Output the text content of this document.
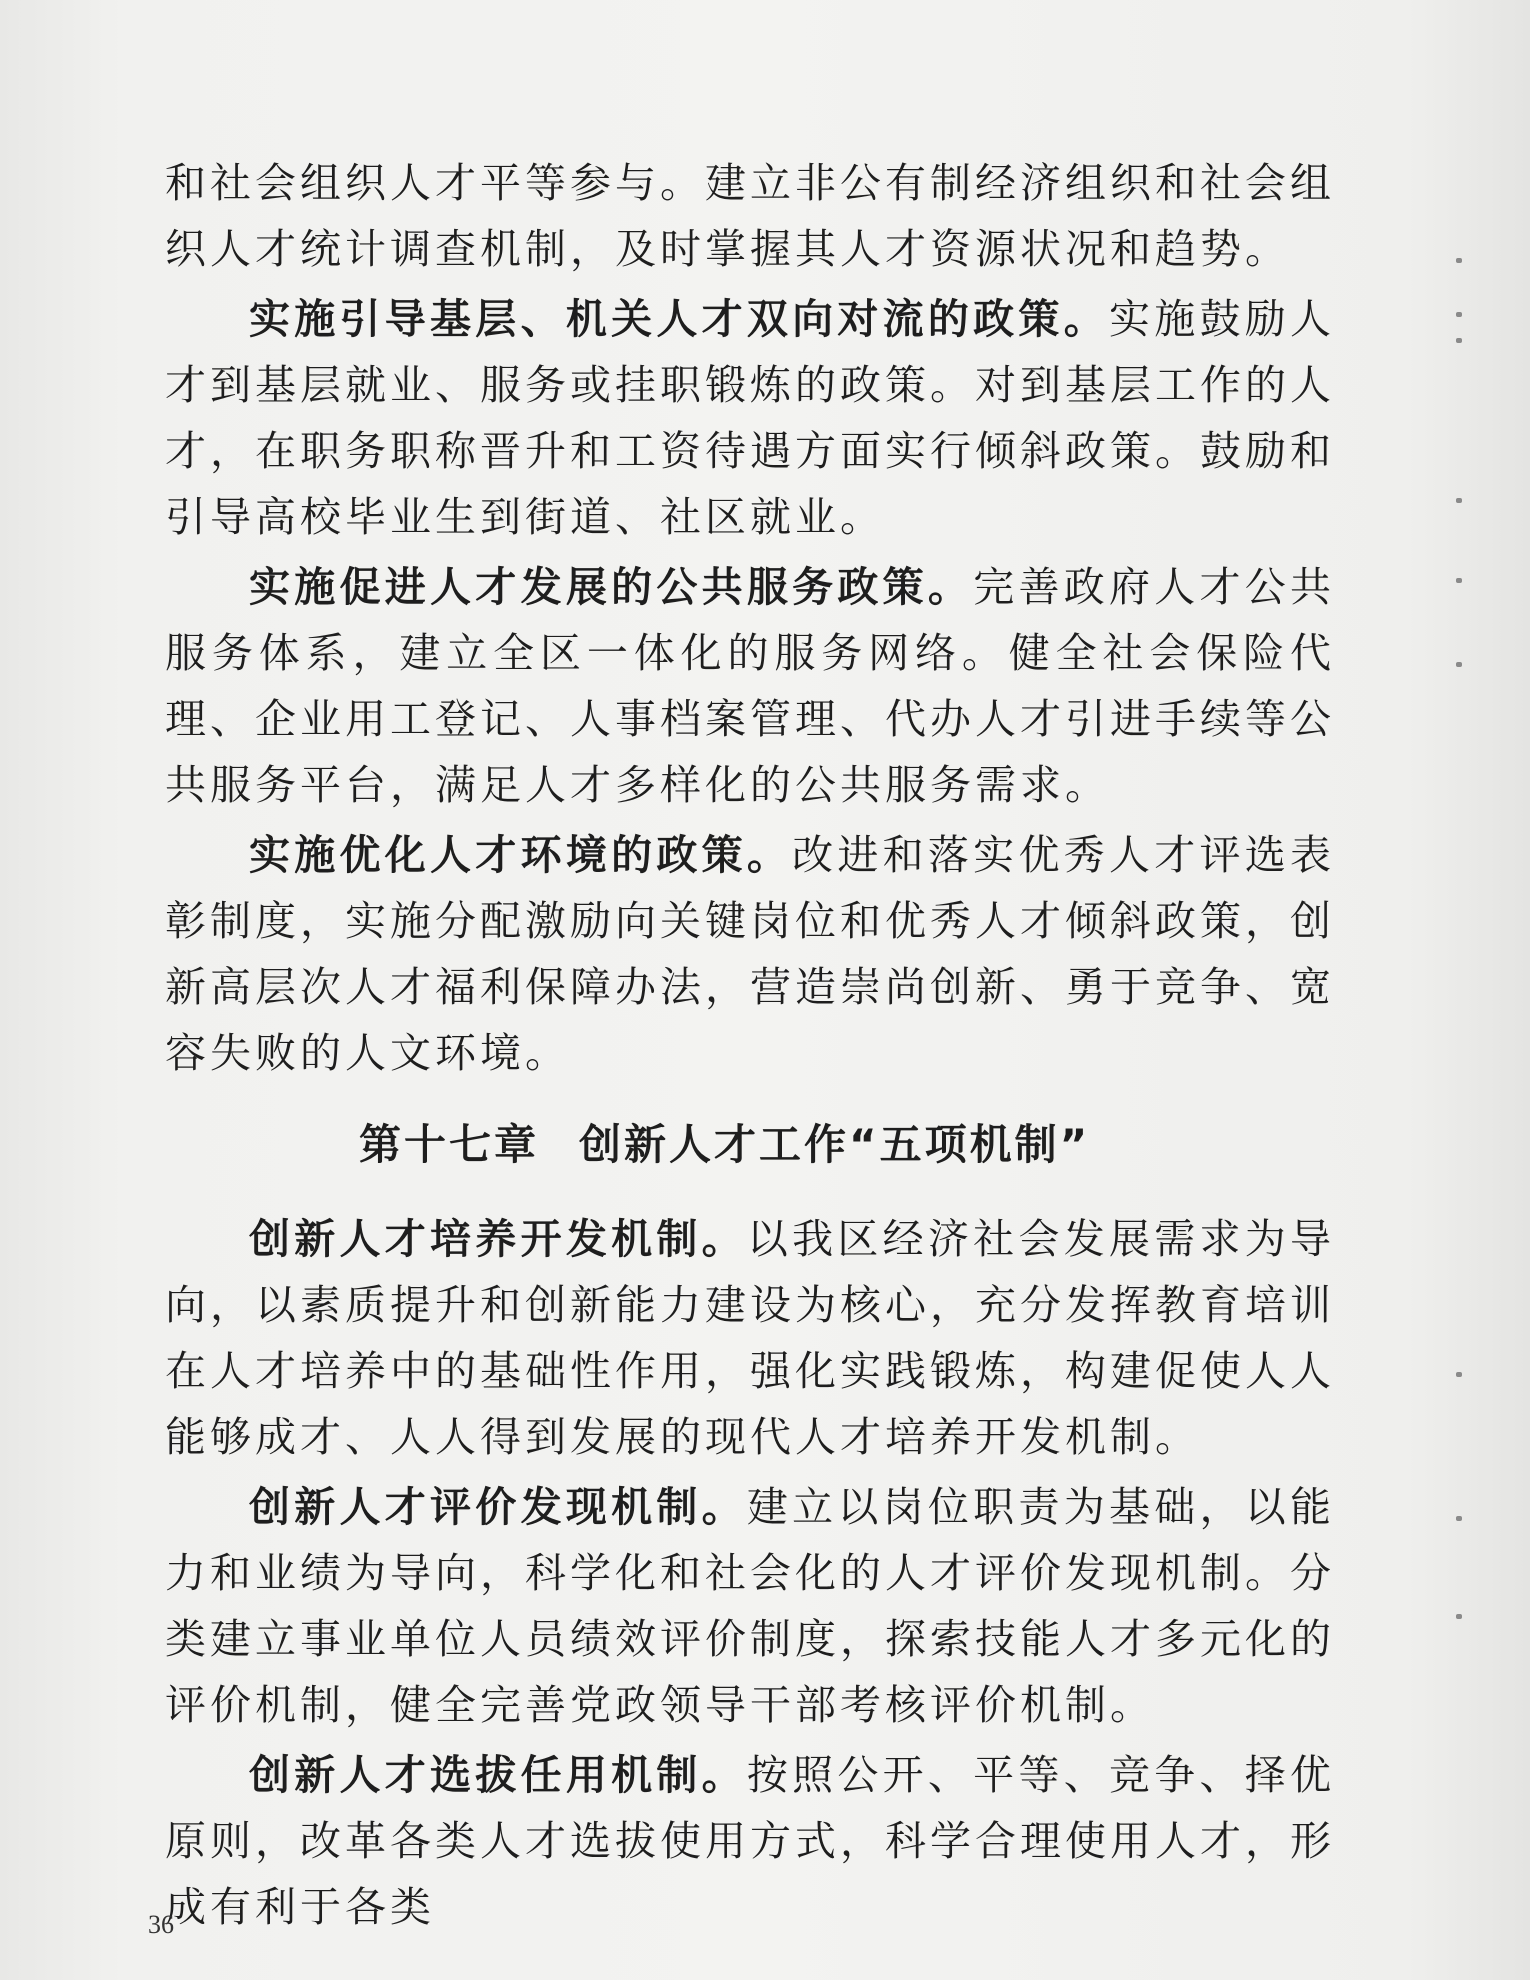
和社会组织人才平等参与。建立非公有制经济组织和社会组织人才统计调查机制，及时掌握其人才资源状况和趋势。

实施引导基层、机关人才双向对流的政策。实施鼓励人才到基层就业、服务或挂职锻炼的政策。对到基层工作的人才，在职务职称晋升和工资待遇方面实行倾斜政策。鼓励和引导高校毕业生到街道、社区就业。

实施促进人才发展的公共服务政策。完善政府人才公共服务体系，建立全区一体化的服务网络。健全社会保险代理、企业用工登记、人事档案管理、代办人才引进手续等公共服务平台，满足人才多样化的公共服务需求。

实施优化人才环境的政策。改进和落实优秀人才评选表彰制度，实施分配激励向关键岗位和优秀人才倾斜政策，创新高层次人才福利保障办法，营造崇尚创新、勇于竞争、宽容失败的人文环境。

第十七章 创新人才工作“五项机制”

创新人才培养开发机制。以我区经济社会发展需求为导向，以素质提升和创新能力建设为核心，充分发挥教育培训在人才培养中的基础性作用，强化实践锻炼，构建促使人人能够成才、人人得到发展的现代人才培养开发机制。

创新人才评价发现机制。建立以岗位职责为基础，以能力和业绩为导向，科学化和社会化的人才评价发现机制。分类建立事业单位人员绩效评价制度，探索技能人才多元化的评价机制，健全完善党政领导干部考核评价机制。

创新人才选拔任用机制。按照公开、平等、竞争、择优原则，改革各类人才选拔使用方式，科学合理使用人才，形成有利于各类

36
